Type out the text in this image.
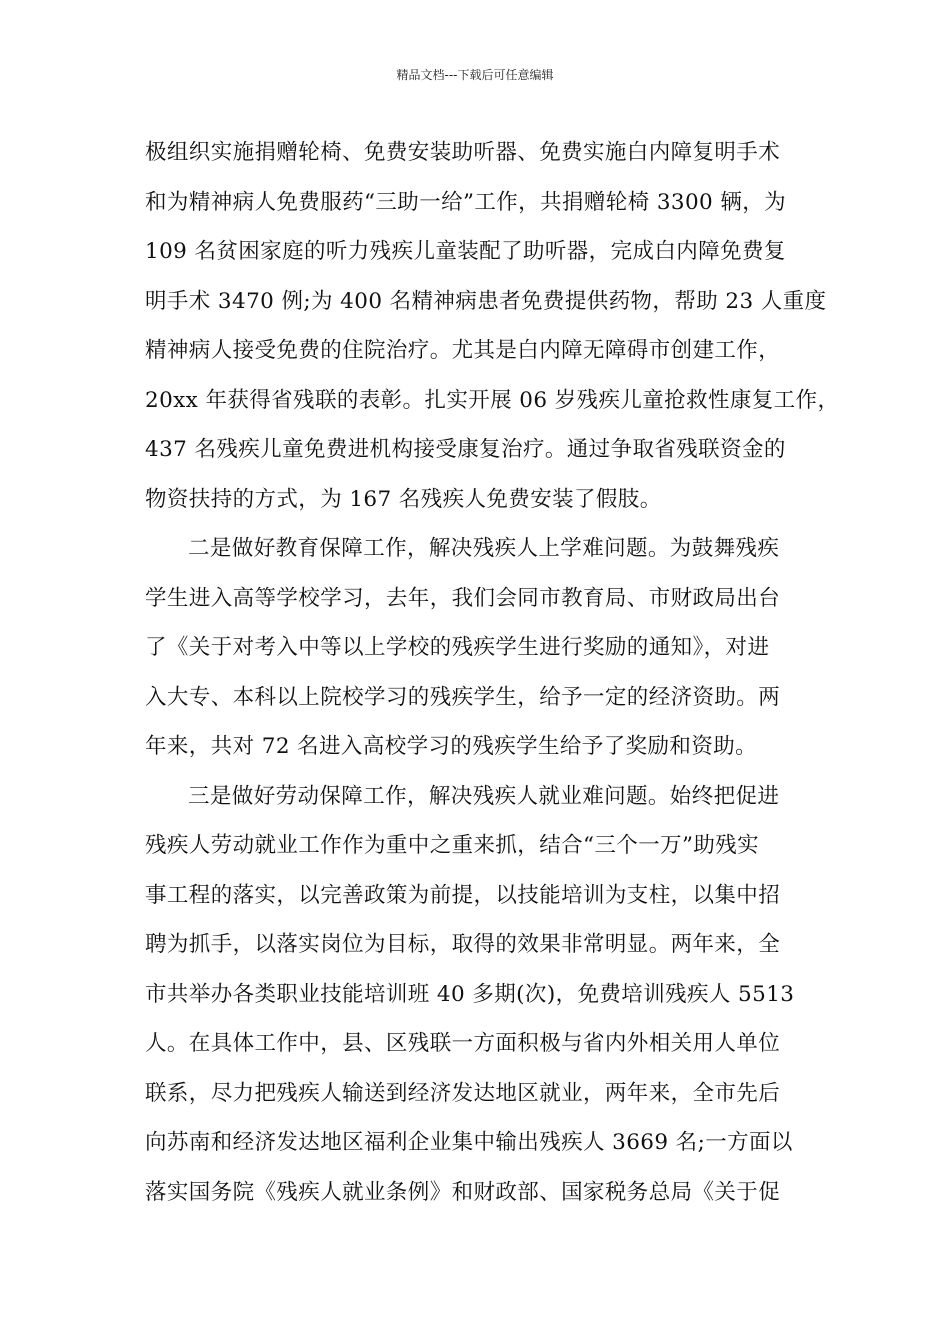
精品文档---下载后可任意编辑
极组织实施捐赠轮椅、免费安装助听器、免费实施白内障复明手术
和为精神病人免费服药“三助一给”工作，共捐赠轮椅 3300 辆，为
109 名贫困家庭的听力残疾儿童装配了助听器，完成白内障免费复
明手术 3470 例;为 400 名精神病患者免费提供药物，帮助 23 人重度
精神病人接受免费的住院治疗。尤其是白内障无障碍市创建工作，
20xx 年获得省残联的表彰。扎实开展 06 岁残疾儿童抢救性康复工作，
437 名残疾儿童免费进机构接受康复治疗。通过争取省残联资金的
物资扶持的方式，为 167 名残疾人免费安装了假肢。
二是做好教育保障工作，解决残疾人上学难问题。为鼓舞残疾
学生进入高等学校学习，去年，我们会同市教育局、市财政局出台
了《关于对考入中等以上学校的残疾学生进行奖励的通知》，对进
入大专、本科以上院校学习的残疾学生，给予一定的经济资助。两
年来，共对 72 名进入高校学习的残疾学生给予了奖励和资助。
三是做好劳动保障工作，解决残疾人就业难问题。始终把促进
残疾人劳动就业工作作为重中之重来抓，结合“三个一万”助残实
事工程的落实，以完善政策为前提，以技能培训为支柱，以集中招
聘为抓手，以落实岗位为目标，取得的效果非常明显。两年来，全
市共举办各类职业技能培训班 40 多期(次)，免费培训残疾人 5513
人。在具体工作中，县、区残联一方面积极与省内外相关用人单位
联系，尽力把残疾人输送到经济发达地区就业，两年来，全市先后
向苏南和经济发达地区福利企业集中输出残疾人 3669 名;一方面以
落实国务院《残疾人就业条例》和财政部、国家税务总局《关于促
